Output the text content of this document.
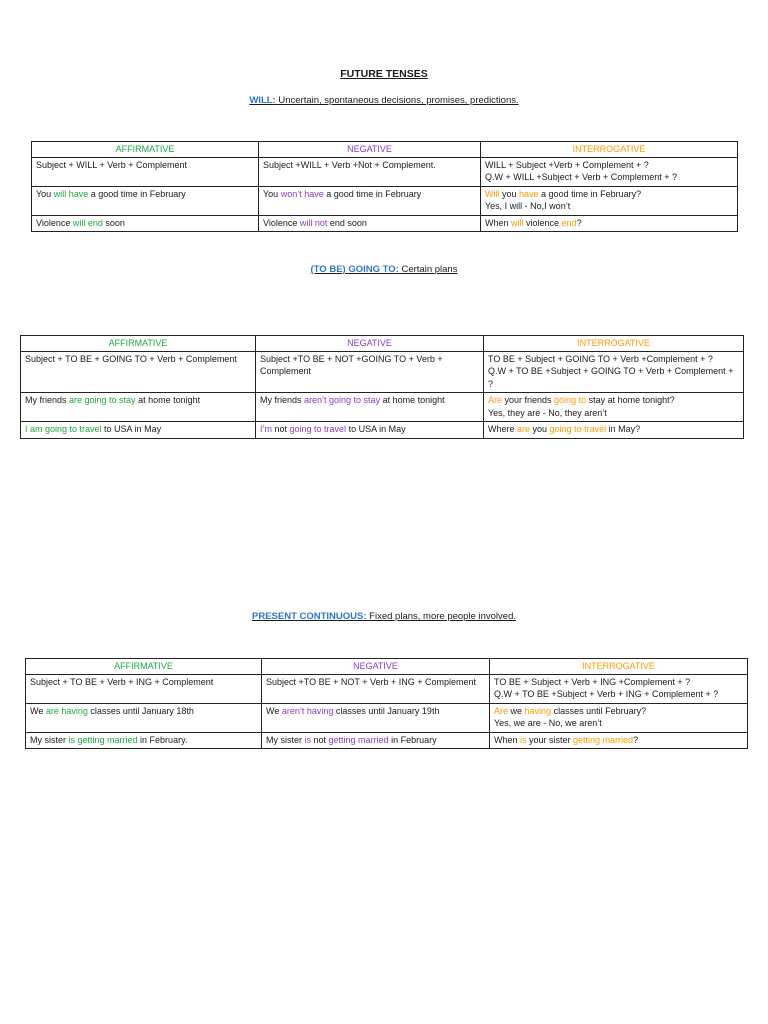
FUTURE TENSES
WILL: Uncertain, spontaneous decisions, promises, predictions.
AFFIRMATIVE	NEGATIVE	INTERROGATIVE
Subject + WILL + Verb + Complement	Subject +WILL + Verb +Not + Complement.	WILL + Subject +Verb + Complement + ?
Q.W + WILL +Subject + Verb + Complement + ?

You will have a good time in February	You won’t have a good time in February	Will you have a good time in February?
Yes, I will - No,I won’t

Violence will end soon	Violence will not end soon	When will violence end?
(TO BE) GOING TO: Certain plans
AFFIRMATIVE	NEGATIVE	INTERROGATIVE
Subject + TO BE + GOING TO + Verb + Complement	Subject +TO BE + NOT +GOING TO + Verb + Complement	TO BE + Subject + GOING TO + Verb +Complement + ?
Q.W + TO BE +Subject + GOING TO + Verb + Complement + ?

My friends are going to stay at home tonight	My friends aren’t going to stay at home tonight	Are your friends going to stay at home tonight?
Yes, they are - No, they aren’t

I am going to travel to USA in May	I’m not going to travel to USA in May	Where are you going to travel in May?
PRESENT CONTINUOUS: Fixed plans, more people involved.
AFFIRMATIVE	NEGATIVE	INTERROGATIVE
Subject + TO BE + Verb + ING + Complement	Subject +TO BE + NOT + Verb + ING + Complement	TO BE + Subject + Verb + ING +Complement + ?
Q.W + TO BE +Subject + Verb + ING + Complement + ?

We are having classes until January 18th	We aren’t having classes until January 19th	Are we having classes until February?
Yes, we are - No, we aren’t

My sister is getting married in February.	My sister is not getting married in February	When is your sister getting married?
